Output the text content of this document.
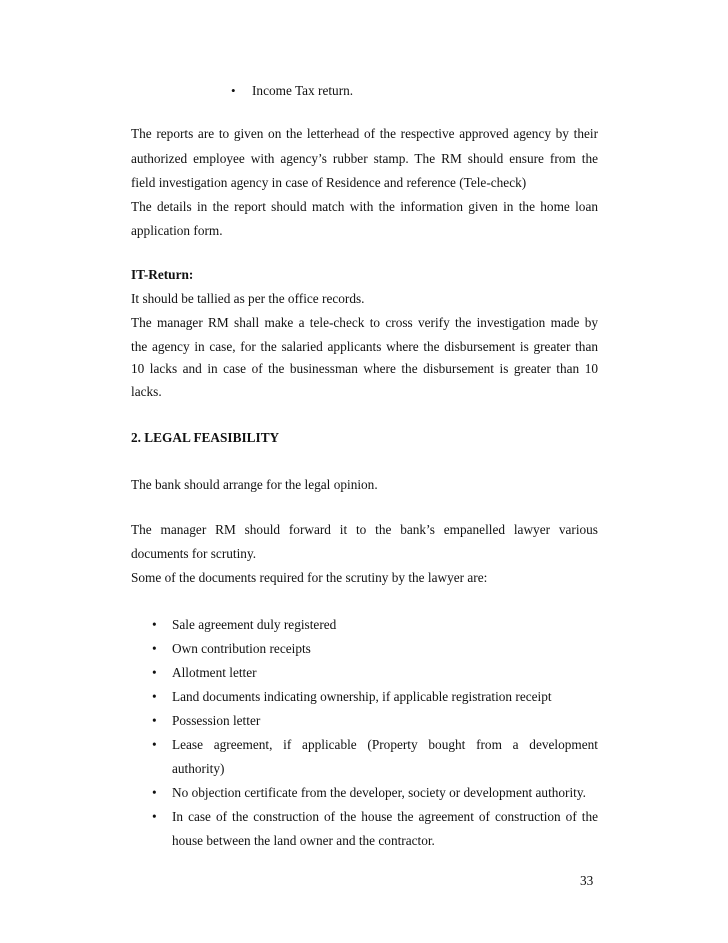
• Income Tax return.
The reports are to given on the letterhead of the respective approved agency by their
authorized employee with agency’s rubber stamp. The RM should ensure from the
field investigation agency in case of Residence and reference (Tele-check)
The details in the report should match with the information given in the home loan
application form.
IT-Return:
It should be tallied as per the office records.
The manager RM shall make a tele-check to cross verify the investigation made by
the agency in case, for the salaried applicants where the disbursement is greater than
10 lacks and in case of the businessman where the disbursement is greater than 10
lacks.
2. LEGAL FEASIBILITY
The bank should arrange for the legal opinion.
The manager RM should forward it to the bank’s empanelled lawyer various
documents for scrutiny.
Some of the documents required for the scrutiny by the lawyer are:
• Sale agreement duly registered
• Own contribution receipts
• Allotment letter
• Land documents indicating ownership, if applicable registration receipt
• Possession letter
• Lease agreement, if applicable (Property bought from a development
authority)
• No objection certificate from the developer, society or development authority.
• In case of the construction of the house the agreement of construction of the
house between the land owner and the contractor.
33
